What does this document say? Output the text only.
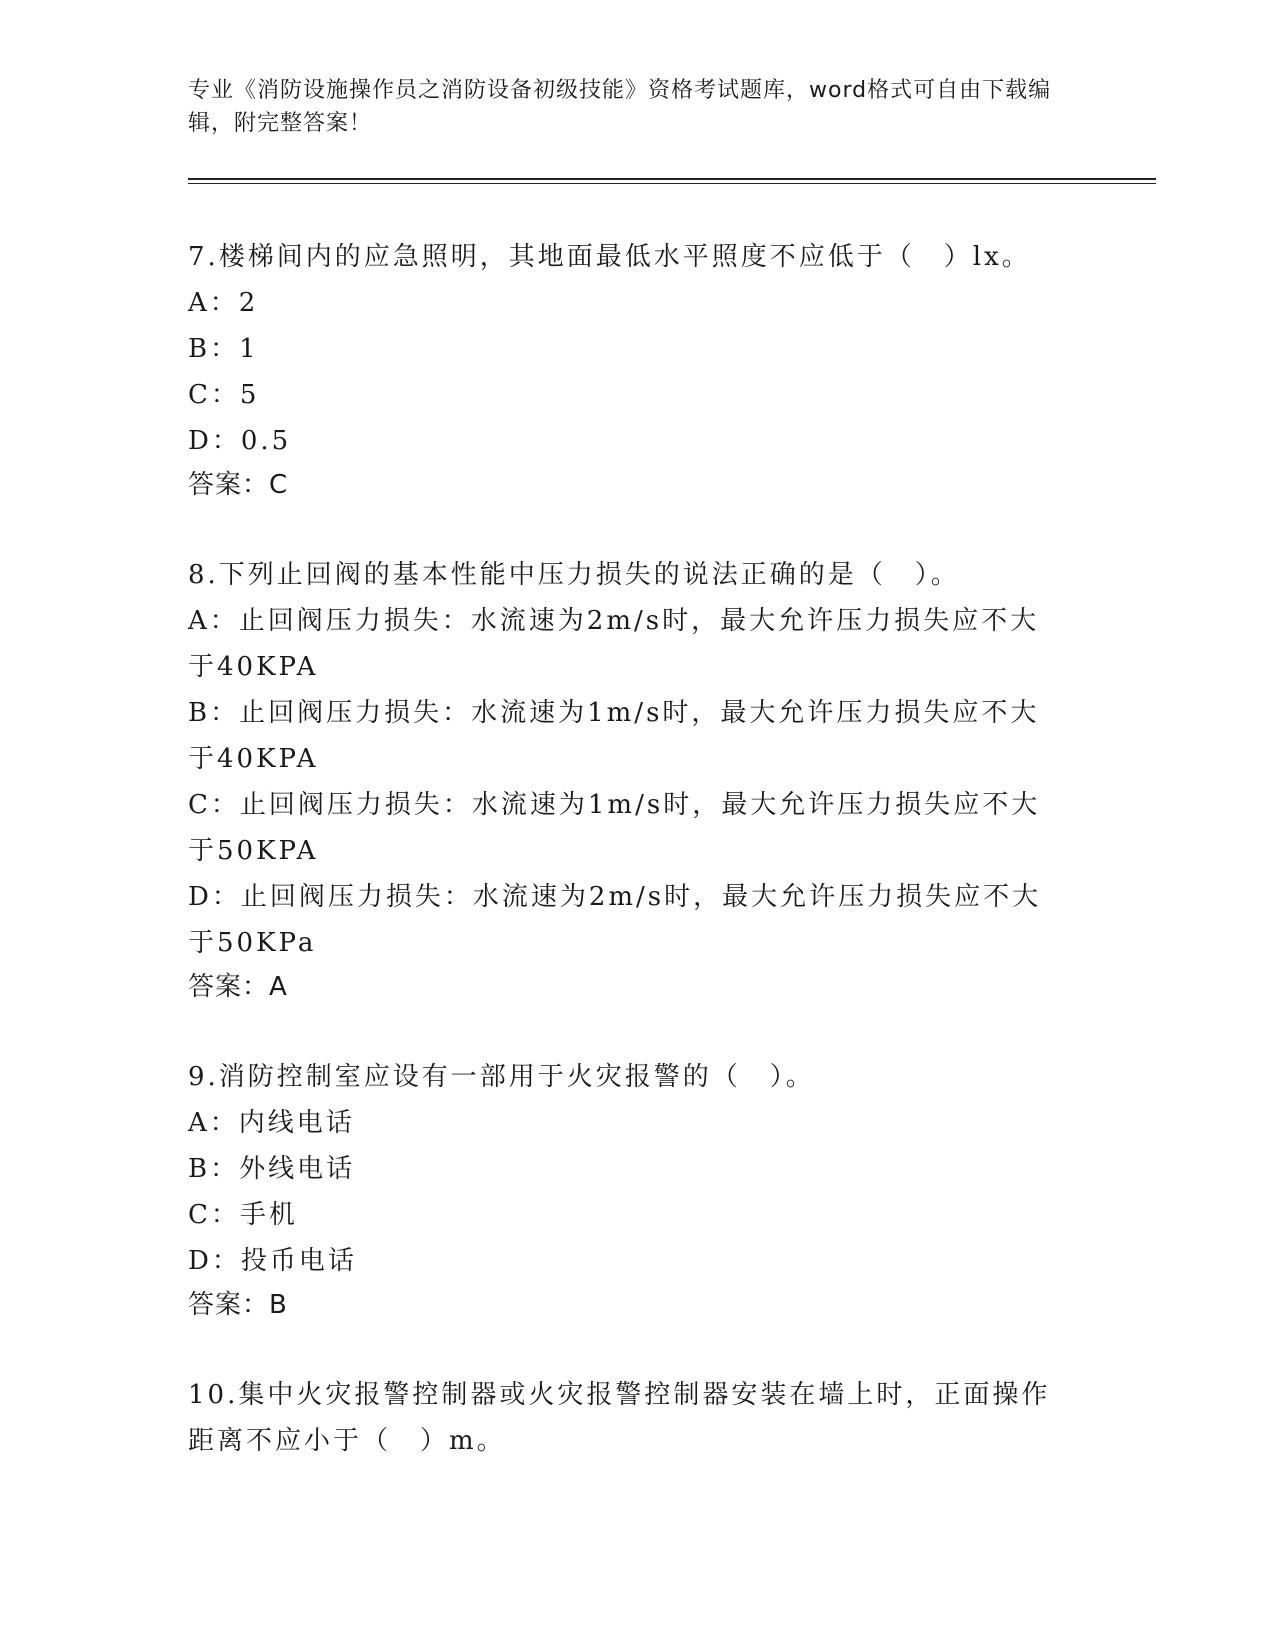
专业《消防设施操作员之消防设备初级技能》资格考试题库，word格式可自由下载编辑，附完整答案！

7.楼梯间内的应急照明，其地面最低水平照度不应低于（　）lx。

A：2

B：1

C：5

D：0.5

答案：C

8.下列止回阀的基本性能中压力损失的说法正确的是（　）。

A：止回阀压力损失：水流速为2m/s时，最大允许压力损失应不大于40KPA

B：止回阀压力损失：水流速为1m/s时，最大允许压力损失应不大于40KPA

C：止回阀压力损失：水流速为1m/s时，最大允许压力损失应不大于50KPA

D：止回阀压力损失：水流速为2m/s时，最大允许压力损失应不大于50KPa

答案：A

9.消防控制室应设有一部用于火灾报警的（　）。

A：内线电话

B：外线电话

C：手机

D：投币电话

答案：B

10.集中火灾报警控制器或火灾报警控制器安装在墙上时，正面操作距离不应小于（　）m。
